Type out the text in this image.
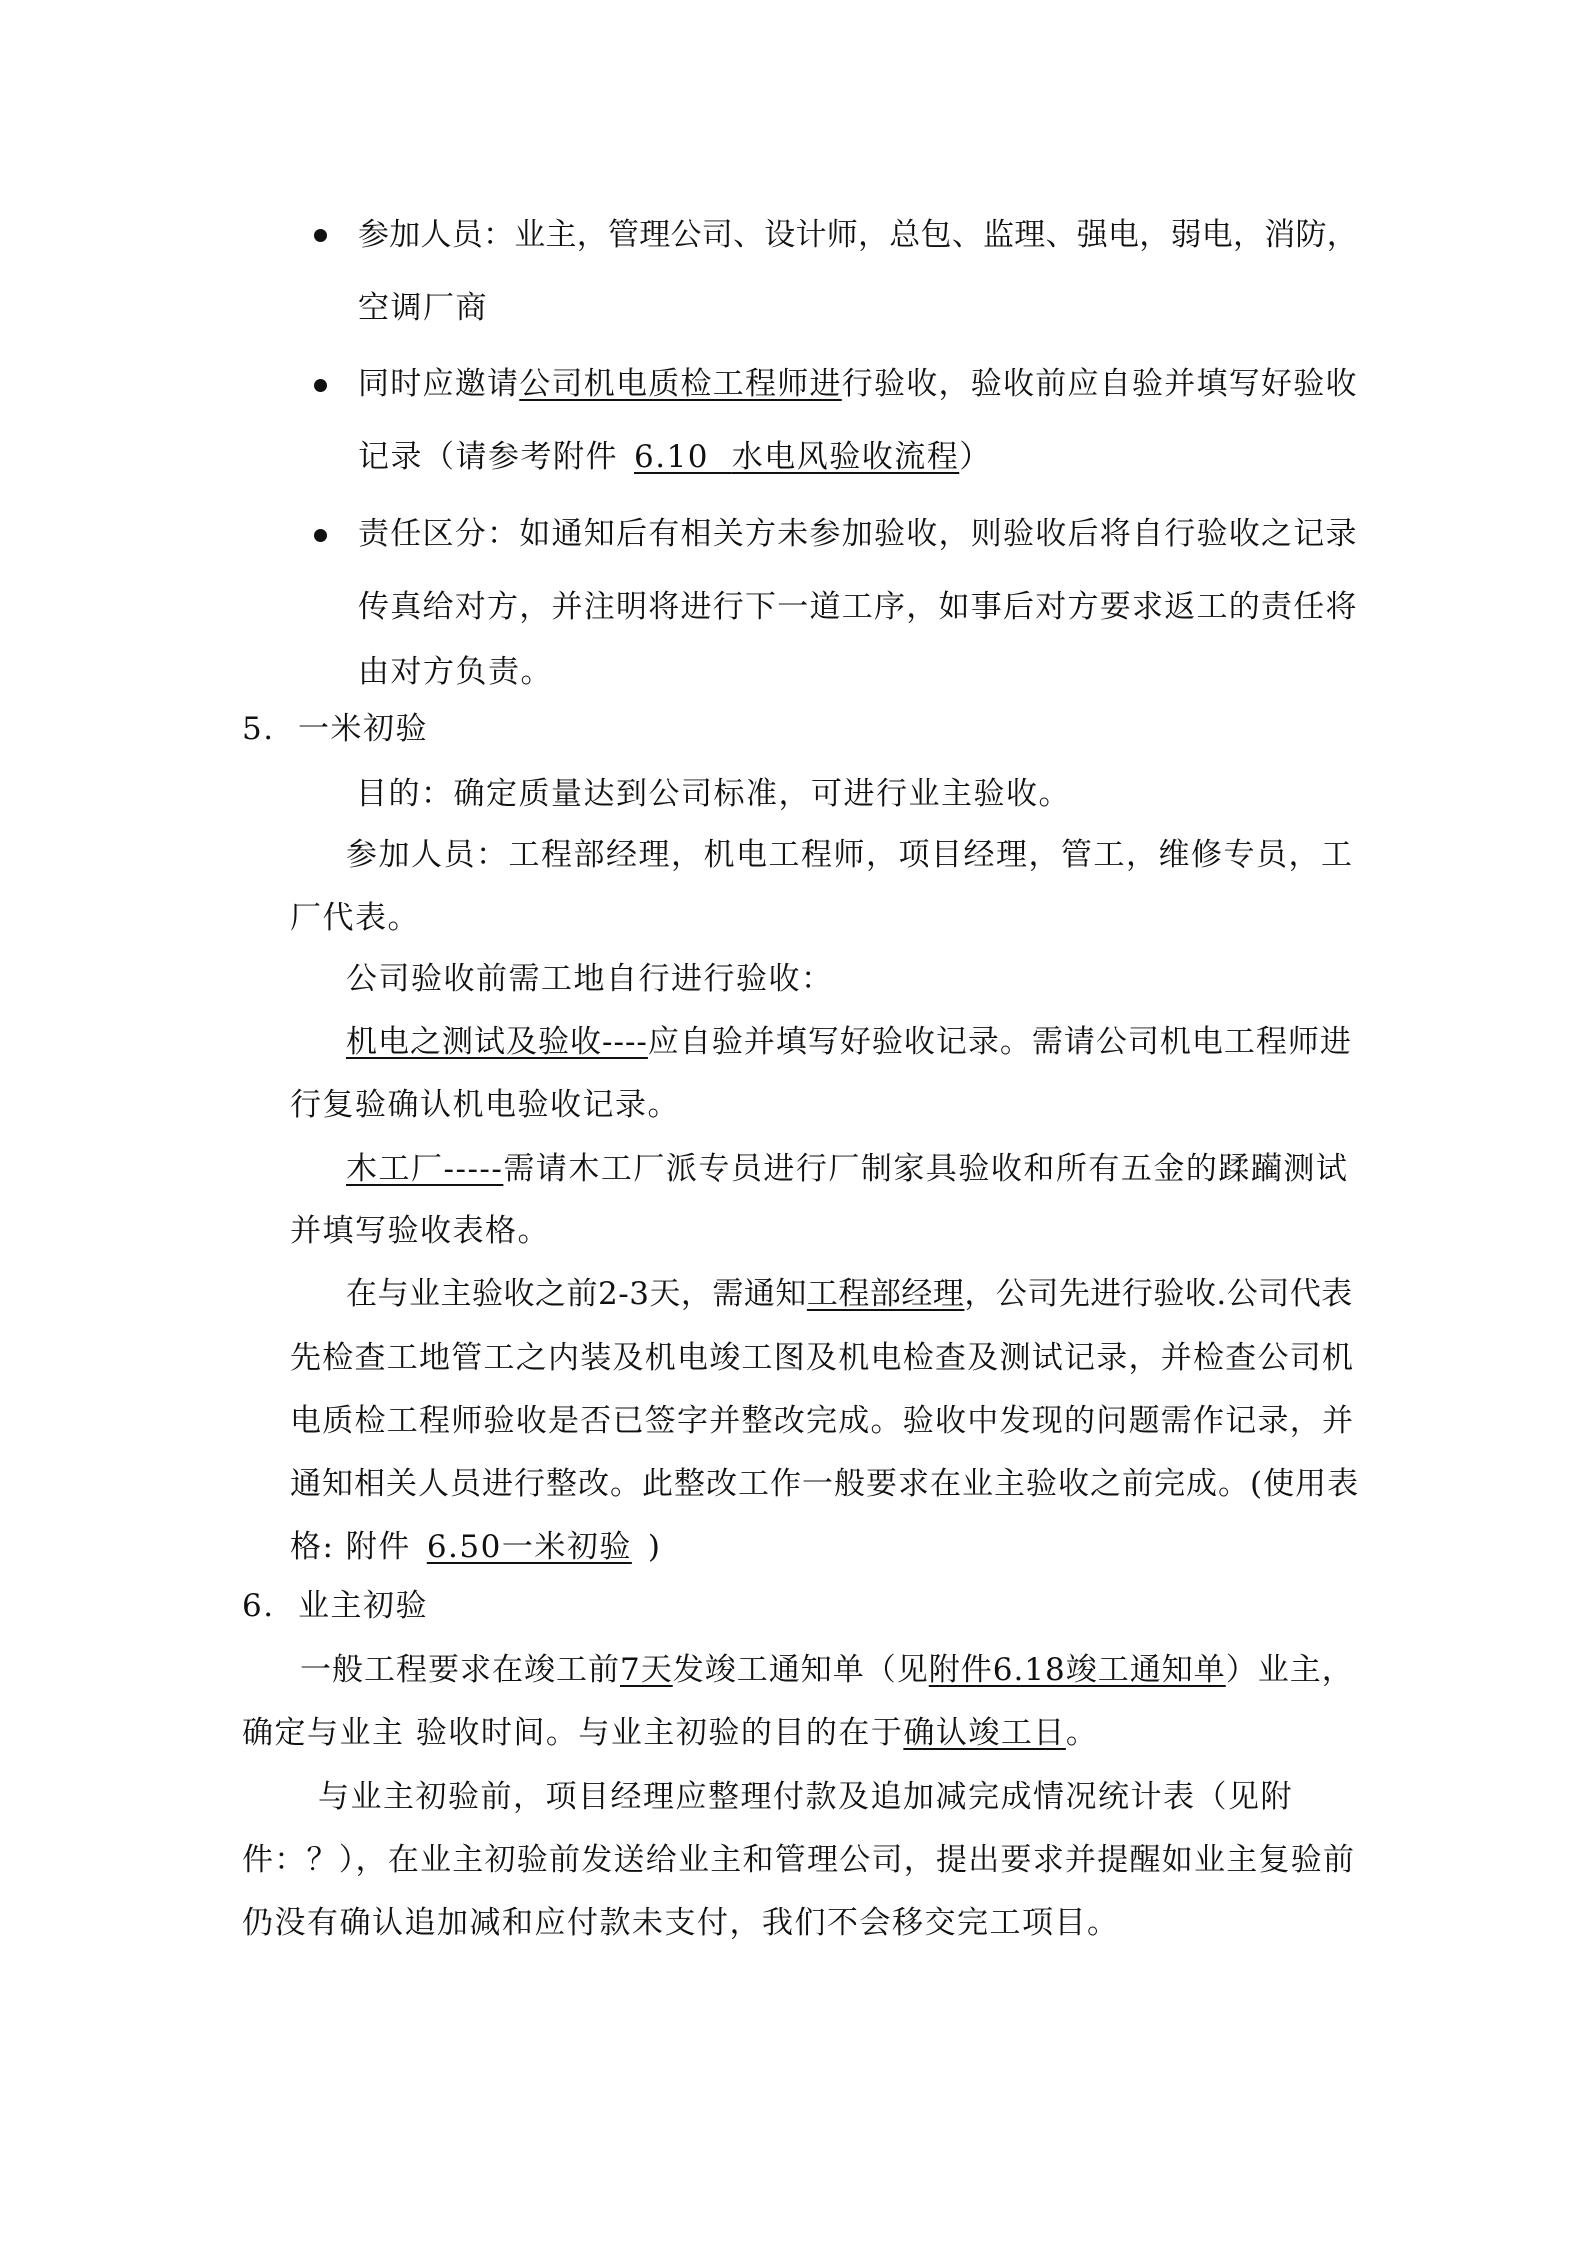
参加人员：业主，管理公司、设计师，总包、监理、强电，弱电，消防，
空调厂商
同时应邀请公司机电质检工程师进行验收，验收前应自验并填写好验收
记录（请参考附件 6.10 水电风验收流程）
责任区分：如通知后有相关方未参加验收，则验收后将自行验收之记录
传真给对方，并注明将进行下一道工序，如事后对方要求返工的责任将
由对方负责。
5. 一米初验
目的：确定质量达到公司标准，可进行业主验收。
参加人员：工程部经理，机电工程师，项目经理，管工，维修专员，工
厂代表。
公司验收前需工地自行进行验收：
机电之测试及验收----应自验并填写好验收记录。需请公司机电工程师进
行复验确认机电验收记录。
木工厂-----需请木工厂派专员进行厂制家具验收和所有五金的蹂躏测试
并填写验收表格。
在与业主验收之前2-3天，需通知工程部经理，公司先进行验收.公司代表
先检查工地管工之内装及机电竣工图及机电检查及测试记录，并检查公司机
电质检工程师验收是否已签字并整改完成。验收中发现的问题需作记录，并
通知相关人员进行整改。此整改工作一般要求在业主验收之前完成。(使用表
格: 附件 6.50一米初验 )
6. 业主初验
一般工程要求在竣工前7天发竣工通知单（见附件6.18竣工通知单）业主，
确定与业主 验收时间。与业主初验的目的在于确认竣工日。
与业主初验前，项目经理应整理付款及追加减完成情况统计表（见附
件：？），在业主初验前发送给业主和管理公司，提出要求并提醒如业主复验前
仍没有确认追加减和应付款未支付，我们不会移交完工项目。
